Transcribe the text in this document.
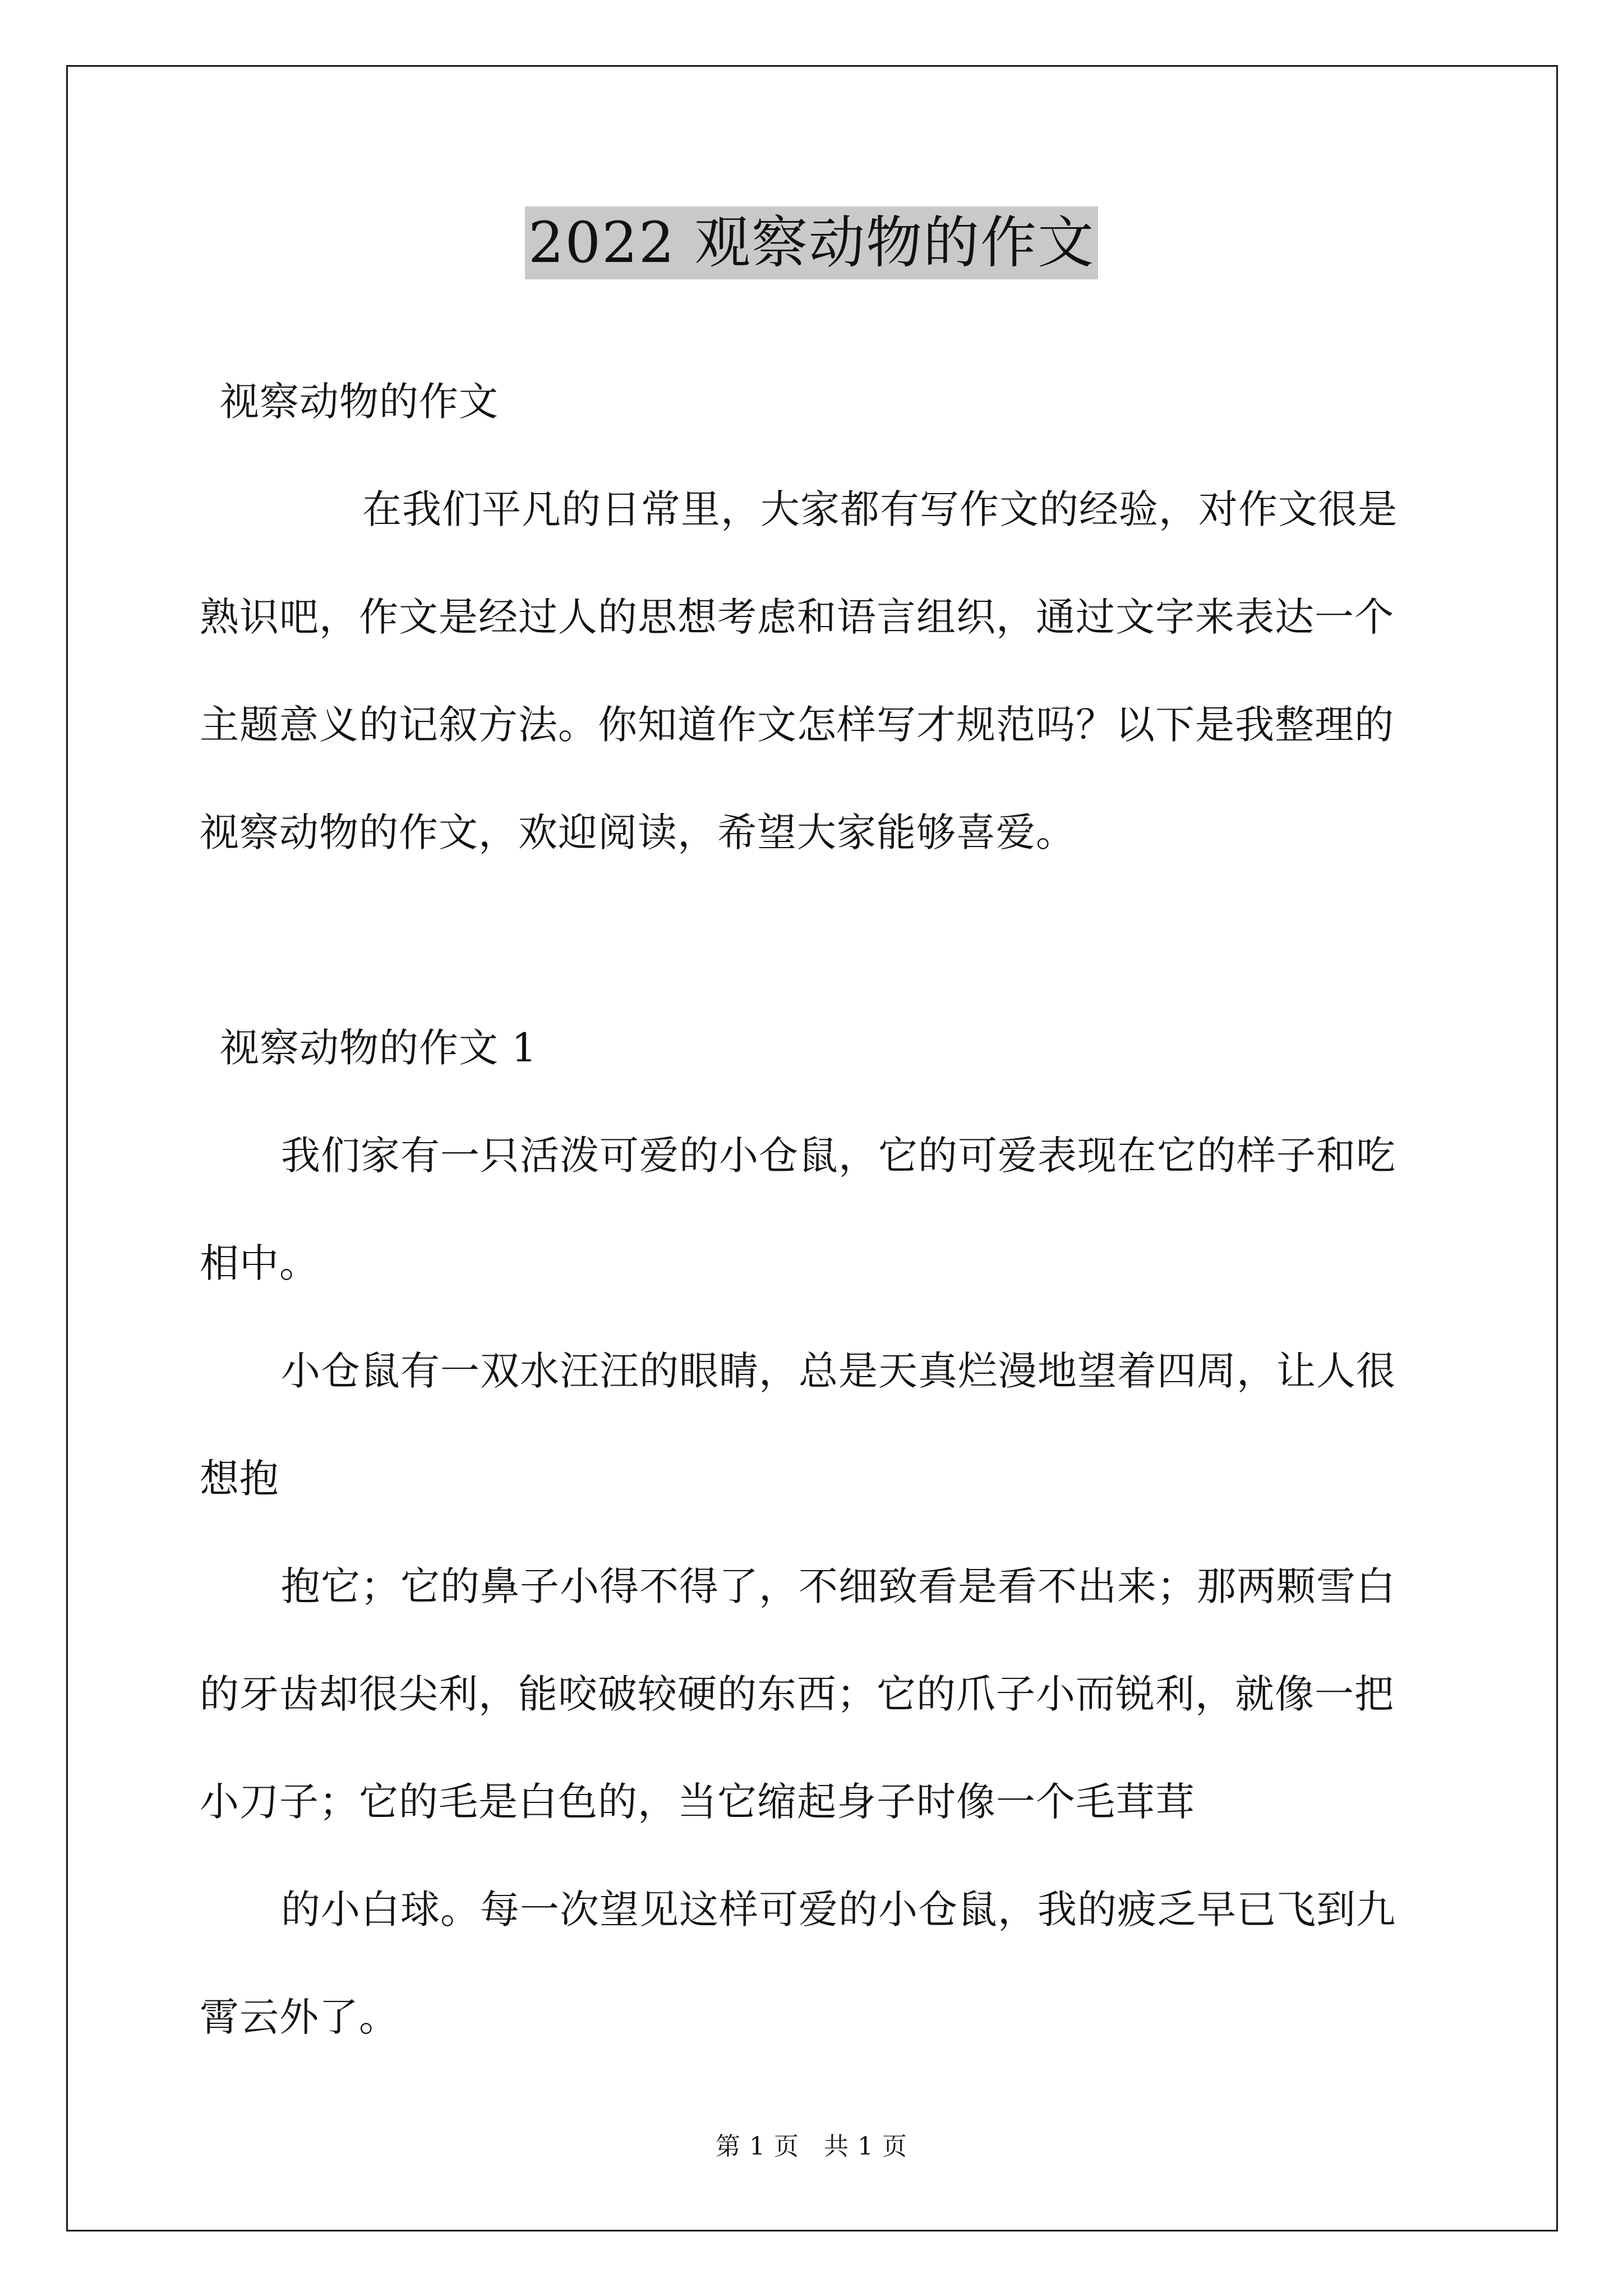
2022 观察动物的作文

视察动物的作文

在我们平凡的日常里，大家都有写作文的经验，对作文很是熟识吧，作文是经过人的思想考虑和语言组织，通过文字来表达一个主题意义的记叙方法。你知道作文怎样写才规范吗？以下是我整理的视察动物的作文，欢迎阅读，希望大家能够喜爱。

视察动物的作文 1

我们家有一只活泼可爱的小仓鼠，它的可爱表现在它的样子和吃相中。

小仓鼠有一双水汪汪的眼睛，总是天真烂漫地望着四周，让人很想抱

抱它；它的鼻子小得不得了，不细致看是看不出来；那两颗雪白的牙齿却很尖利，能咬破较硬的东西；它的爪子小而锐利，就像一把小刀子；它的毛是白色的，当它缩起身子时像一个毛茸茸

的小白球。每一次望见这样可爱的小仓鼠，我的疲乏早已飞到九霄云外了。

第 1 页 共 1 页
